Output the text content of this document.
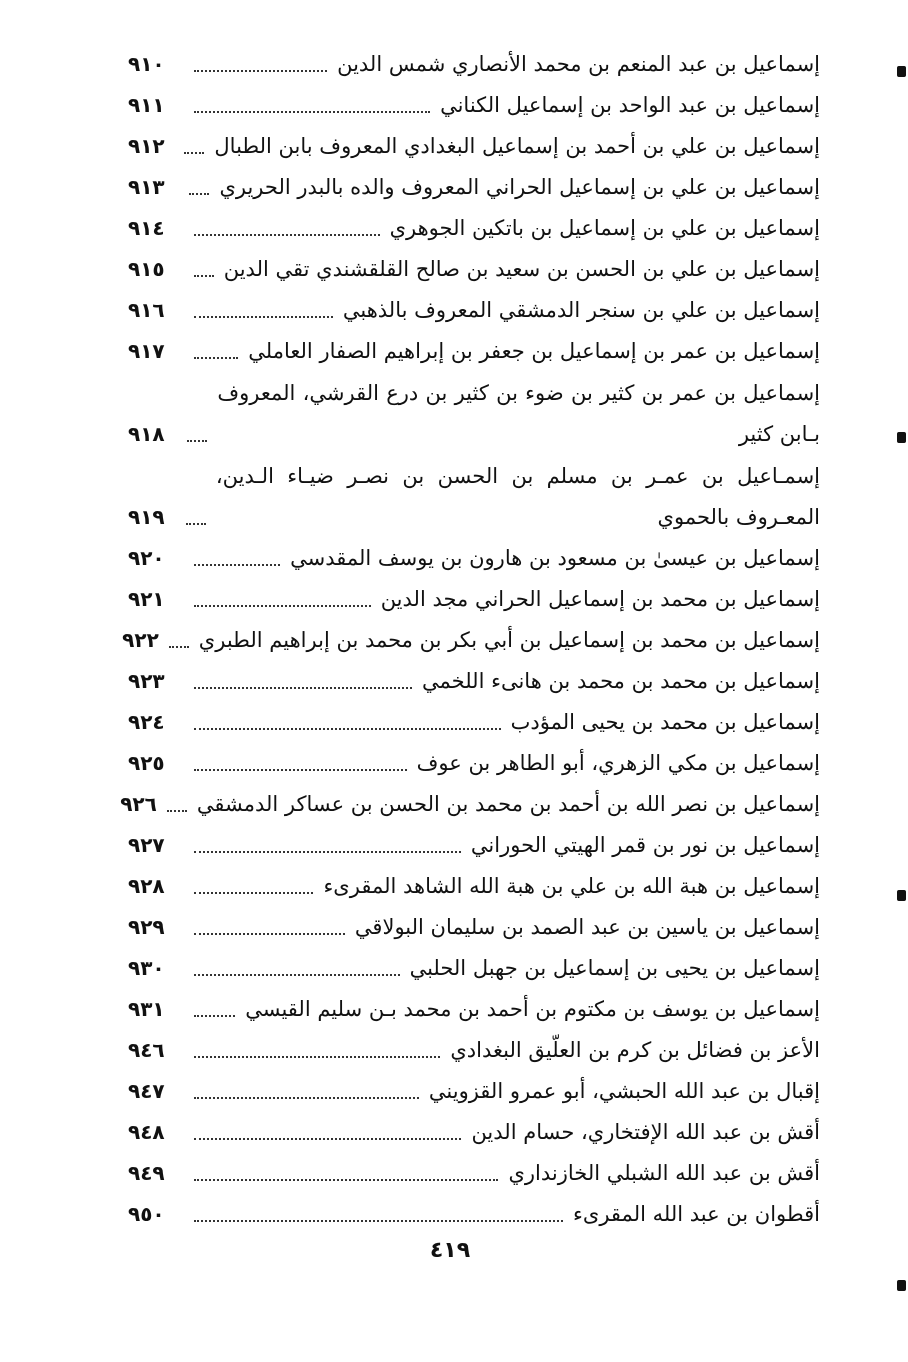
إسماعيل بن عبد المنعم بن محمد الأنصاري شمس الدين
٩١٠
إسماعيل بن عبد الواحد بن إسماعيل الكناني
٩١١
إسماعيل بن علي بن أحمد بن إسماعيل البغدادي المعروف بابن الطبال
٩١٢
إسماعيل بن علي بن إسماعيل الحراني المعروف والده بالبدر الحريري
٩١٣
إسماعيل بن علي بن إسماعيل بن باتكين الجوهري
٩١٤
إسماعيل بن علي بن الحسن بن سعيد بن صالح القلقشندي تقي الدين
٩١٥
إسماعيل بن علي بن سنجر الدمشقي المعروف بالذهبي
٩١٦
إسماعيل بن عمر بن إسماعيل بن جعفر بن إبراهيم الصفار العاملي
٩١٧
إسماعيل بن عمر بن كثير بن ضوء بن كثير بن درع القرشي، المعروف بـابن كثير
٩١٨
إسمـاعيل بن عمـر بن مسلم بن الحسن بن نصـر ضيـاء الـدين، المعـروف بالحموي
٩١٩
إسماعيل بن عيسىٰ بن مسعود بن هارون بن يوسف المقدسي
٩٢٠
إسماعيل بن محمد بن إسماعيل الحراني مجد الدين
٩٢١
إسماعيل بن محمد بن إسماعيل بن أبي بكر بن محمد بن إبراهيم الطبري
٩٢٢
إسماعيل بن محمد بن محمد بن هانىء اللخمي
٩٢٣
إسماعيل بن محمد بن يحيى المؤدب
٩٢٤
إسماعيل بن مكي الزهري، أبو الطاهر بن عوف
٩٢٥
إسماعيل بن نصر الله بن أحمد بن محمد بن الحسن بن عساكر الدمشقي
٩٢٦
إسماعيل بن نور بن قمر الهيتي الحوراني
٩٢٧
إسماعيل بن هبة الله بن علي بن هبة الله الشاهد المقرىء
٩٢٨
إسماعيل بن ياسين بن عبد الصمد بن سليمان البولاقي
٩٢٩
إسماعيل بن يحيى بن إسماعيل بن جهبل الحلبي
٩٣٠
إسماعيل بن يوسف بن مكتوم بن أحمد بن محمد بـن سليم القيسي
٩٣١
الأعز بن فضائل بن كرم بن العلّيق البغدادي
٩٤٦
إقبال بن عبد الله الحبشي، أبو عمرو القزويني
٩٤٧
أقش بن عبد الله الإفتخاري، حسام الدين
٩٤٨
أقش بن عبد الله الشبلي الخازنداري
٩٤٩
أقطوان بن عبد الله المقرىء
٩٥٠
٤١٩
